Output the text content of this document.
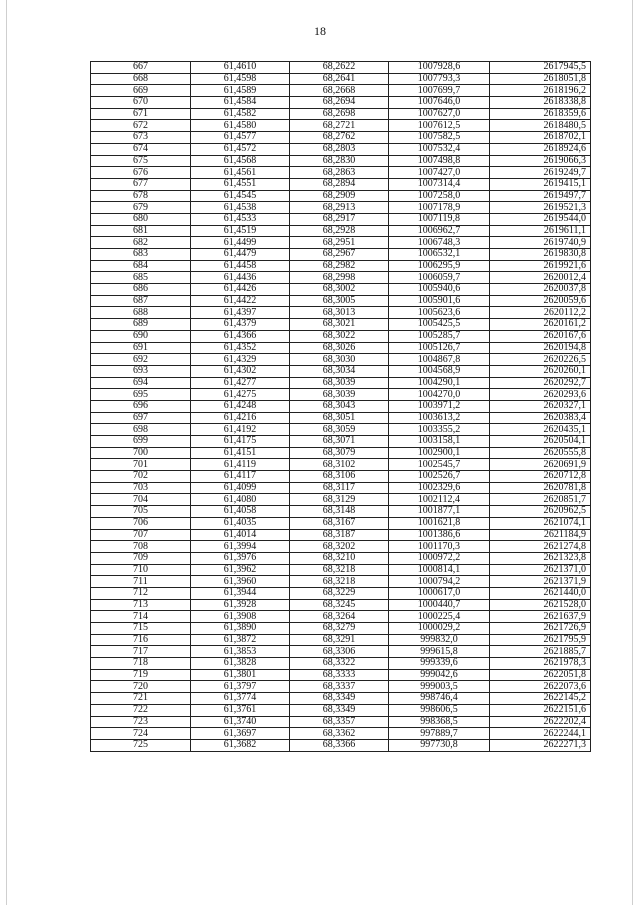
18
667	61,4610	68,2622	1007928,6	2617945,5
668	61,4598	68,2641	1007793,3	2618051,8
669	61,4589	68,2668	1007699,7	2618196,2
670	61,4584	68,2694	1007646,0	2618338,8
671	61,4582	68,2698	1007627,0	2618359,6
672	61,4580	68,2721	1007612,5	2618480,5
673	61,4577	68,2762	1007582,5	2618702,1
674	61,4572	68,2803	1007532,4	2618924,6
675	61,4568	68,2830	1007498,8	2619066,3
676	61,4561	68,2863	1007427,0	2619249,7
677	61,4551	68,2894	1007314,4	2619415,1
678	61,4545	68,2909	1007258,0	2619497,7
679	61,4538	68,2913	1007178,9	2619521,3
680	61,4533	68,2917	1007119,8	2619544,0
681	61,4519	68,2928	1006962,7	2619611,1
682	61,4499	68,2951	1006748,3	2619740,9
683	61,4479	68,2967	1006532,1	2619830,8
684	61,4458	68,2982	1006295,9	2619921,6
685	61,4436	68,2998	1006059,7	2620012,4
686	61,4426	68,3002	1005940,6	2620037,8
687	61,4422	68,3005	1005901,6	2620059,6
688	61,4397	68,3013	1005623,6	2620112,2
689	61,4379	68,3021	1005425,5	2620161,2
690	61,4366	68,3022	1005285,7	2620167,6
691	61,4352	68,3026	1005126,7	2620194,8
692	61,4329	68,3030	1004867,8	2620226,5
693	61,4302	68,3034	1004568,9	2620260,1
694	61,4277	68,3039	1004290,1	2620292,7
695	61,4275	68,3039	1004270,0	2620293,6
696	61,4248	68,3043	1003971,2	2620327,1
697	61,4216	68,3051	1003613,2	2620383,4
698	61,4192	68,3059	1003355,2	2620435,1
699	61,4175	68,3071	1003158,1	2620504,1
700	61,4151	68,3079	1002900,1	2620555,8
701	61,4119	68,3102	1002545,7	2620691,9
702	61,4117	68,3106	1002526,7	2620712,8
703	61,4099	68,3117	1002329,6	2620781,8
704	61,4080	68,3129	1002112,4	2620851,7
705	61,4058	68,3148	1001877,1	2620962,5
706	61,4035	68,3167	1001621,8	2621074,1
707	61,4014	68,3187	1001386,6	2621184,9
708	61,3994	68,3202	1001170,3	2621274,8
709	61,3976	68,3210	1000972,2	2621323,8
710	61,3962	68,3218	1000814,1	2621371,0
711	61,3960	68,3218	1000794,2	2621371,9
712	61,3944	68,3229	1000617,0	2621440,0
713	61,3928	68,3245	1000440,7	2621528,0
714	61,3908	68,3264	1000225,4	2621637,9
715	61,3890	68,3279	1000029,2	2621726,9
716	61,3872	68,3291	999832,0	2621795,9
717	61,3853	68,3306	999615,8	2621885,7
718	61,3828	68,3322	999339,6	2621978,3
719	61,3801	68,3333	999042,6	2622051,8
720	61,3797	68,3337	999003,5	2622073,6
721	61,3774	68,3349	998746,4	2622145,2
722	61,3761	68,3349	998606,5	2622151,6
723	61,3740	68,3357	998368,5	2622202,4
724	61,3697	68,3362	997889,7	2622244,1
725	61,3682	68,3366	997730,8	2622271,3
